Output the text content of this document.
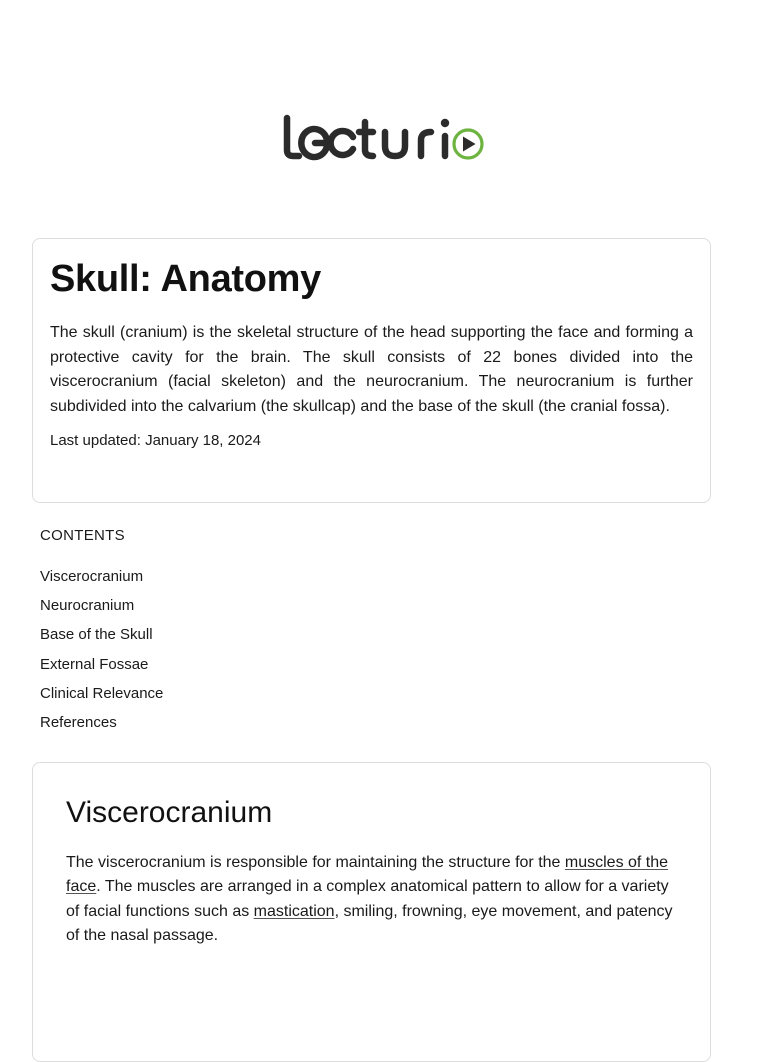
Skull: Anatomy

The skull (cranium) is the skeletal structure of the head supporting the face and forming a protective cavity for the brain. The skull consists of 22 bones divided into the viscerocranium (facial skeleton) and the neurocranium. The neurocranium is further subdivided into the calvarium (the skullcap) and the base of the skull (the cranial fossa).

Last updated: January 18, 2024

CONTENTS
Viscerocranium
Neurocranium
Base of the Skull
External Fossae
Clinical Relevance
References
Viscerocranium

The viscerocranium is responsible for maintaining the structure for the muscles of the face. The muscles are arranged in a complex anatomical pattern to allow for a variety of facial functions such as mastication, smiling, frowning, eye movement, and patency of the nasal passage.
